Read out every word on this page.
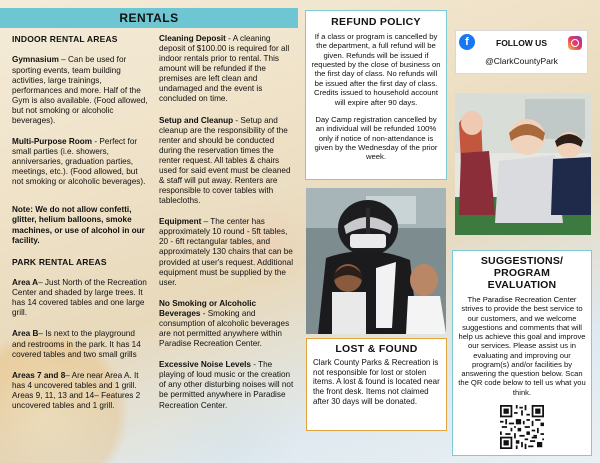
RENTALS
INDOOR RENTAL AREAS
Gymnasium – Can be used for sporting events, team building activities, large trainings, performances and more. Half of the Gym is also available. (Food allowed, but not smoking or alcoholic beverages).
Multi-Purpose Room - Perfect for small parties (i.e. showers, anniversaries, graduation parties, meetings, etc.). (Food allowed, but not smoking or alcoholic beverages).
Note: We do not allow confetti, glitter, helium balloons, smoke machines, or use of alcohol in our facility.
PARK RENTAL AREAS
Area A– Just North of the Recreation Center and shaded by large trees. It has 14 covered tables and one large grill.
Area B– Is next to the playground and restrooms in the park. It has 14 covered tables and two small grills
Areas 7 and 8– Are near Area A. It has 4 uncovered tables and 1 grill. Areas 9, 11, 13 and 14– Features 2 uncovered tables and 1 grill.
Cleaning Deposit - A cleaning deposit of $100.00 is required for all indoor rentals prior to rental. This amount will be refunded if the premises are left clean and undamaged and the event is concluded on time.
Setup and Cleanup - Setup and cleanup are the responsibility of the renter and should be conducted during the reservation times the renter request. All tables & chairs used for said event must be cleaned & staff will put away. Renters are responsible to cover tables with tablecloths.
Equipment – The center has approximately 10 round - 5ft tables, 20 - 6ft rectangular tables, and approximately 130 chairs that can be provided at user's request. Additional equipment must be supplied by the user.
No Smoking or Alcoholic Beverages - Smoking and consumption of alcoholic beverages are not permitted anywhere within Paradise Recreation Center.
Excessive Noise Levels - The playing of loud music or the creation of any other disturbing noises will not be permitted anywhere in Paradise Recreation Center.
REFUND POLICY

If a class or program is cancelled by the department, a full refund will be given. Refunds will be issued if requested by the close of business on the first day of class. No refunds will be issued after the first day of class. Credits issued to household account will expire after 90 days.

Day Camp registration cancelled by an individual will be refunded 100% only if notice of non-attendance is given by the Wednesday of the prior week.

LOST & FOUND

Clark County Parks & Recreation is not responsible for lost or stolen items. A lost & found is located near the front desk. Items not claimed after 30 days will be donated.

f	FOLLOW US
@ClarkCountyPark
SUGGESTIONS/ PROGRAM EVALUATION

The Paradise Recreation Center strives to provide the best service to our customers, and we welcome suggestions and comments that will help us achieve this goal and improve our services. Please assist us in evaluating and improving our program(s) and/or facilities by answering the question below. Scan the QR code below to tell us what you think.
